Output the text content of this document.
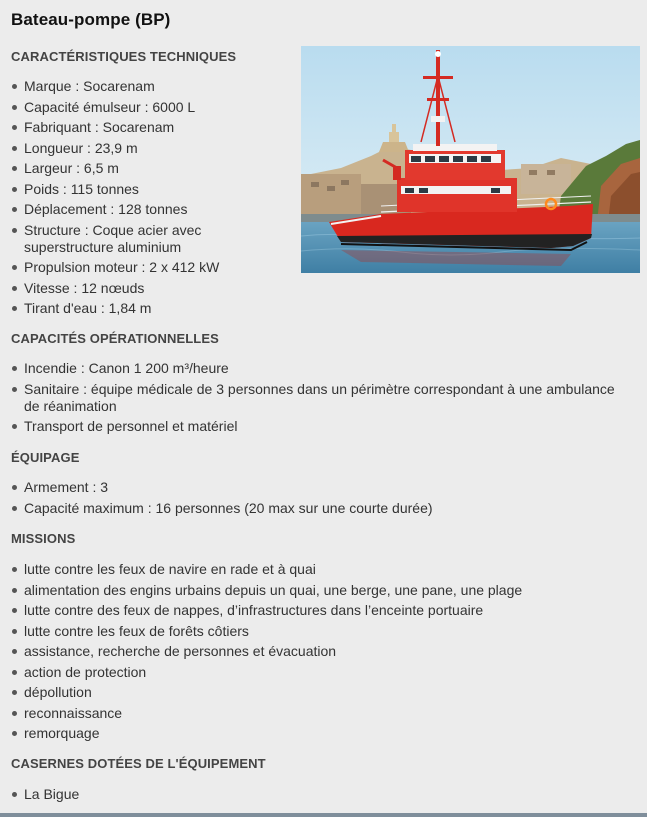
Bateau-pompe (BP)
CARACTÉRISTIQUES TECHNIQUES
Marque : Socarenam
Capacité émulseur : 6000 L
Fabriquant : Socarenam
Longueur : 23,9 m
Largeur : 6,5 m
Poids : 115 tonnes
Déplacement : 128 tonnes
Structure : Coque acier avec superstructure aluminium
Propulsion moteur : 2 x 412 kW
Vitesse : 12 nœuds
Tirant d'eau : 1,84 m
CAPACITÉS OPÉRATIONNELLES
Incendie : Canon 1 200 m³/heure
Sanitaire : équipe médicale de 3 personnes dans un périmètre correspondant à une ambulance de réanimation
Transport de personnel et matériel
ÉQUIPAGE
Armement : 3
Capacité maximum : 16 personnes (20 max sur une courte durée)
MISSIONS
lutte contre les feux de navire en rade et à quai
alimentation des engins urbains depuis un quai, une berge, une pane, une plage
lutte contre des feux de nappes, d’infrastructures dans l’enceinte portuaire
lutte contre les feux de forêts côtiers
assistance, recherche de personnes et évacuation
action de protection
dépollution
reconnaissance
remorquage
CASERNES DOTÉES DE L'ÉQUIPEMENT
La Bigue
